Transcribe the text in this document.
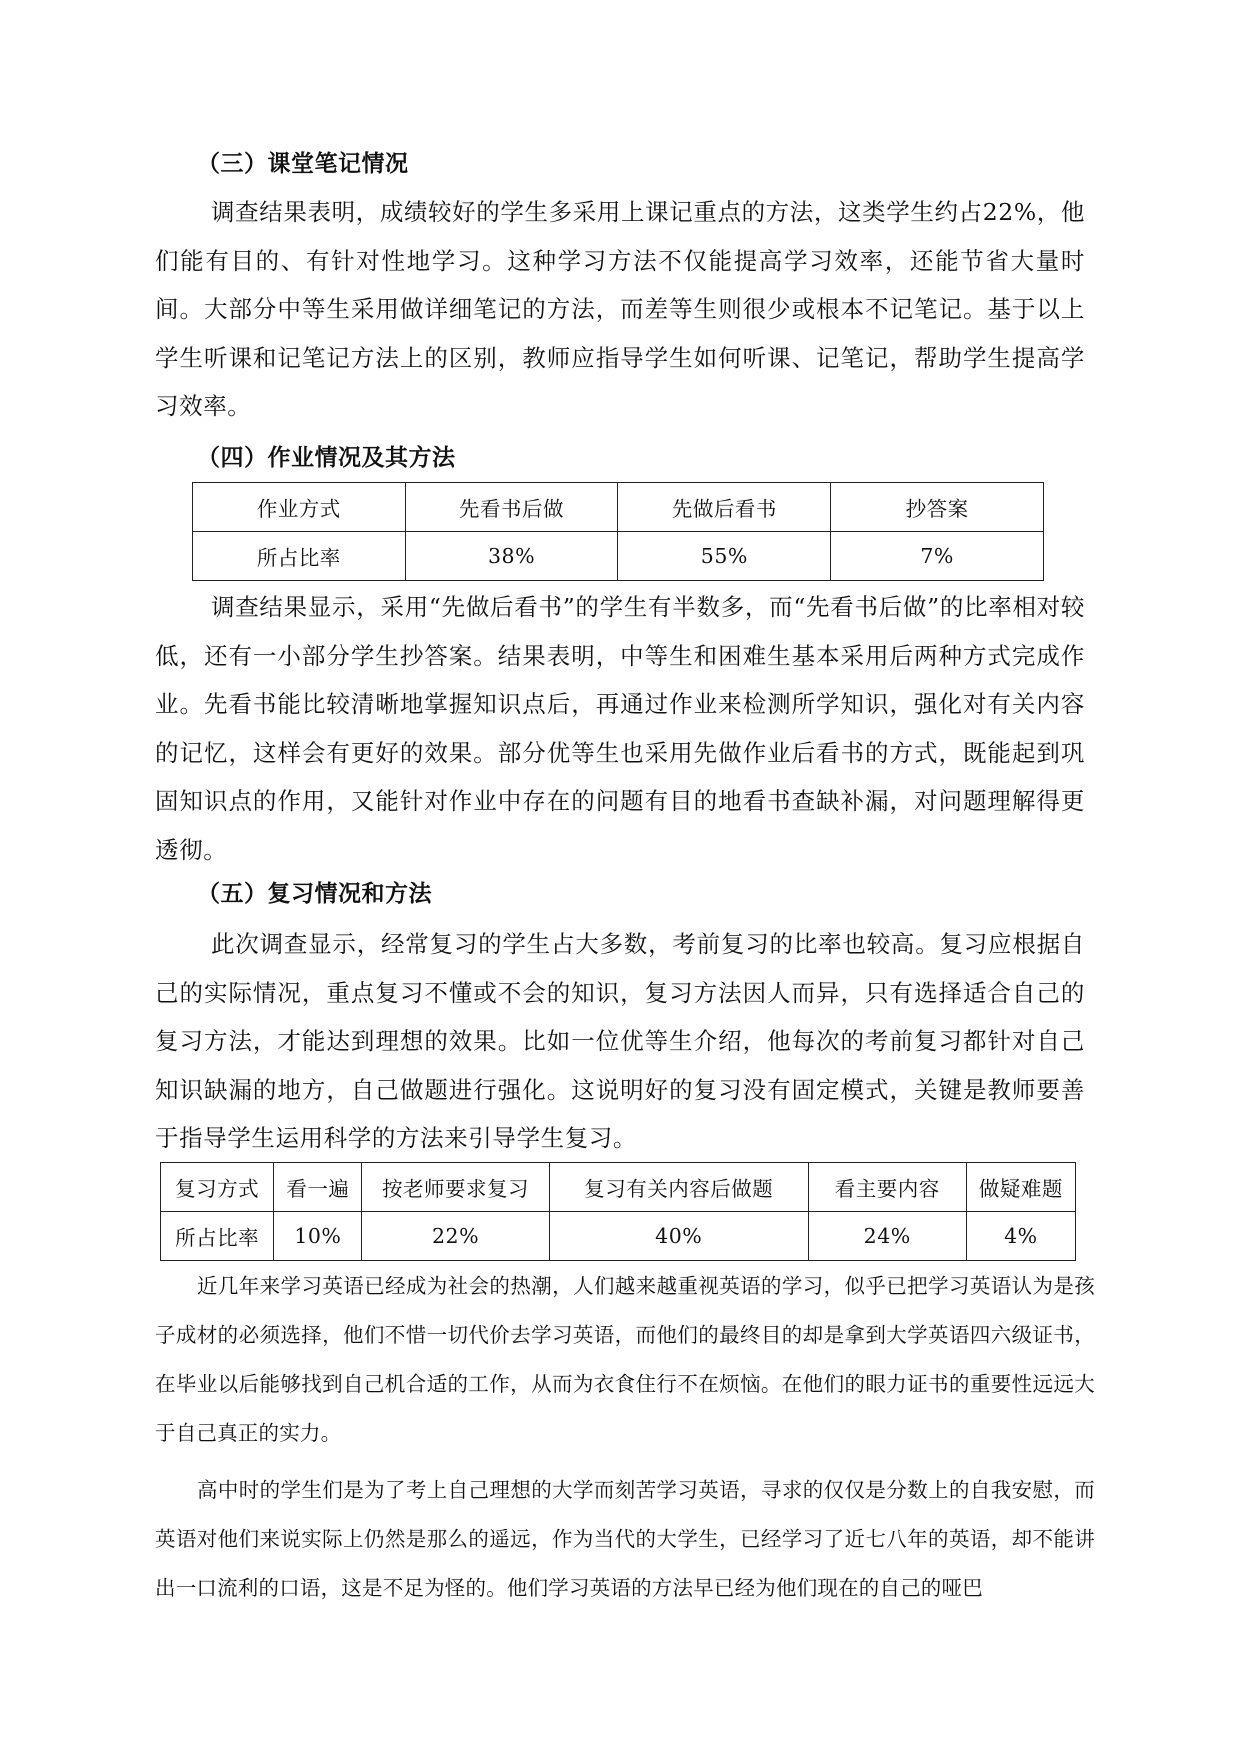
（三）课堂笔记情况

调查结果表明，成绩较好的学生多采用上课记重点的方法，这类学生约占22%，他们能有目的、有针对性地学习。这种学习方法不仅能提高学习效率，还能节省大量时间。大部分中等生采用做详细笔记的方法，而差等生则很少或根本不记笔记。基于以上学生听课和记笔记方法上的区别，教师应指导学生如何听课、记笔记，帮助学生提高学习效率。

（四）作业情况及其方法
作业方式	先看书后做	先做后看书	抄答案
所占比率	38%	55%	7%

调查结果显示，采用“先做后看书”的学生有半数多，而“先看书后做”的比率相对较低，还有一小部分学生抄答案。结果表明，中等生和困难生基本采用后两种方式完成作业。先看书能比较清晰地掌握知识点后，再通过作业来检测所学知识，强化对有关内容的记忆，这样会有更好的效果。部分优等生也采用先做作业后看书的方式，既能起到巩固知识点的作用，又能针对作业中存在的问题有目的地看书查缺补漏，对问题理解得更透彻。

（五）复习情况和方法

此次调查显示，经常复习的学生占大多数，考前复习的比率也较高。复习应根据自己的实际情况，重点复习不懂或不会的知识，复习方法因人而异，只有选择适合自己的复习方法，才能达到理想的效果。比如一位优等生介绍，他每次的考前复习都针对自己知识缺漏的地方，自己做题进行强化。这说明好的复习没有固定模式，关键是教师要善于指导学生运用科学的方法来引导学生复习。

复习方式	看一遍	按老师要求复习	复习有关内容后做题	看主要内容	做疑难题
所占比率	10%	22%	40%	24%	4%

近几年来学习英语已经成为社会的热潮，人们越来越重视英语的学习，似乎已把学习英语认为是孩子成材的必须选择，他们不惜一切代价去学习英语，而他们的最终目的却是拿到大学英语四六级证书，在毕业以后能够找到自己机合适的工作，从而为衣食住行不在烦恼。在他们的眼力证书的重要性远远大于自己真正的实力。

高中时的学生们是为了考上自己理想的大学而刻苦学习英语，寻求的仅仅是分数上的自我安慰，而英语对他们来说实际上仍然是那么的遥远，作为当代的大学生，已经学习了近七八年的英语，却不能讲出一口流利的口语，这是不足为怪的。他们学习英语的方法早已经为他们现在的自己的哑巴
